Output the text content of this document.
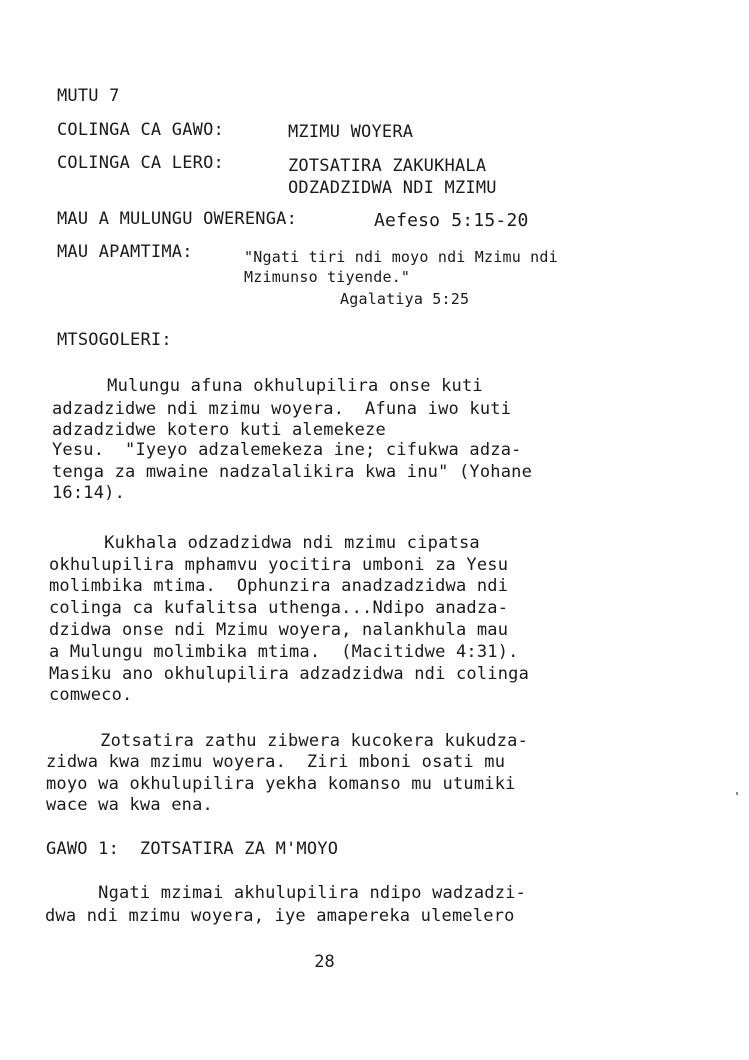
MUTU 7
COLINGA CA GAWO:	MZIMU WOYERA
COLINGA CA LERO:	ZOTSATIRA ZAKUKHALA
ODZADZIDWA NDI MZIMU
MAU A MULUNGU OWERENGA:	Aefeso 5:15-20
MAU APAMTIMA:	"Ngati tiri ndi moyo ndi Mzimu ndi
Mzimunso tiyende."
Agalatiya 5:25
MTSOGOLERI:
Mulungu afuna okhulupilira onse kuti
adzadzidwe ndi mzimu woyera.  Afuna iwo kuti
adzadzidwe kotero kuti alemekeze
Yesu.  "Iyeyo adzalemekeza ine; cifukwa adza-
tenga za mwaine nadzalalikira kwa inu" (Yohane
16:14).
Kukhala odzadzidwa ndi mzimu cipatsa
okhulupilira mphamvu yocitira umboni za Yesu
molimbika mtima.  Ophunzira anadzadzidwa ndi
colinga ca kufalitsa uthenga...Ndipo anadza-
dzidwa onse ndi Mzimu woyera, nalankhula mau
a Mulungu molimbika mtima.  (Macitidwe 4:31).
Masiku ano okhulupilira adzadzidwa ndi colinga
comweco.
Zotsatira zathu zibwera kucokera kukudza-
zidwa kwa mzimu woyera.  Ziri mboni osati mu
moyo wa okhulupilira yekha komanso mu utumiki
wace wa kwa ena.
GAWO 1:  ZOTSATIRA ZA M'MOYO
Ngati mzimai akhulupilira ndipo wadzadzi-
dwa ndi mzimu woyera, iye amapereka ulemelero
28
